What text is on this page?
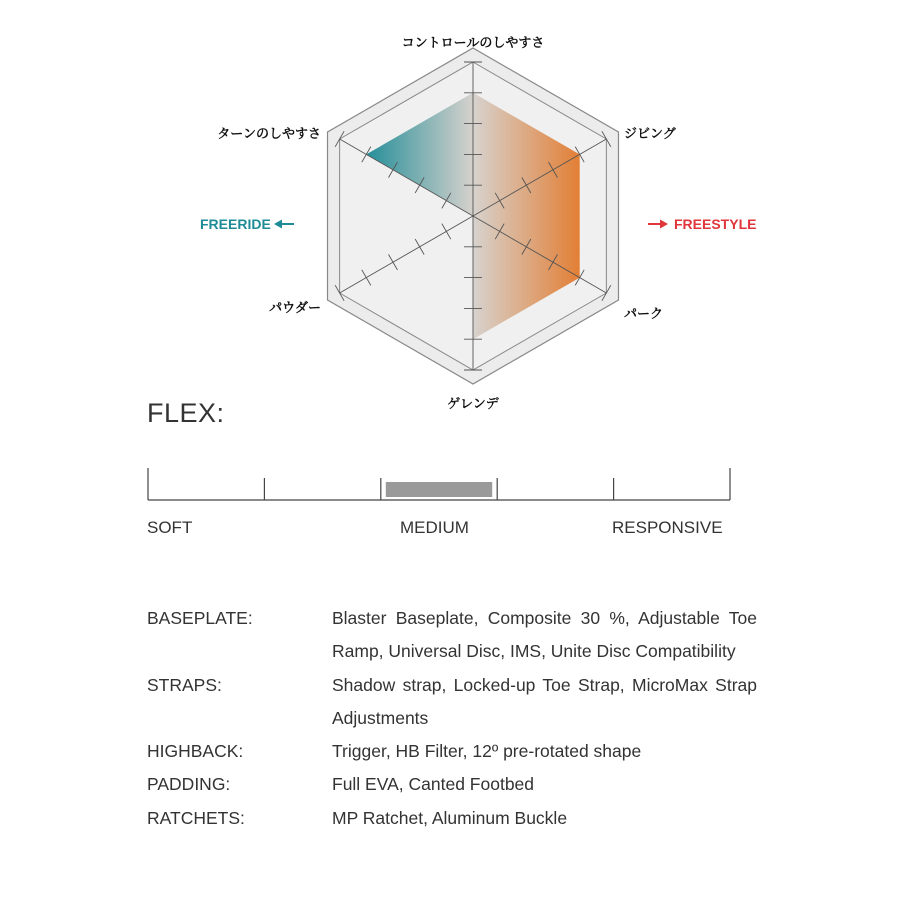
コントロールのしやすさ
ジビング
パーク
ゲレンデ
パウダー
ターンのしやすさ
FREERIDE	FREESTYLE
FLEX:
SOFT	MEDIUM	RESPONSIVE
BASEPLATE:	Blaster Baseplate, Composite 30 %, Adjustable Toe Ramp, Universal Disc, IMS, Unite Disc Compatibility
STRAPS:	Shadow strap, Locked-up Toe Strap, MicroMax Strap Adjustments
HIGHBACK:	Trigger, HB Filter, 12º pre-rotated shape
PADDING:	Full EVA, Canted Footbed
RATCHETS:	MP Ratchet, Aluminum Buckle
